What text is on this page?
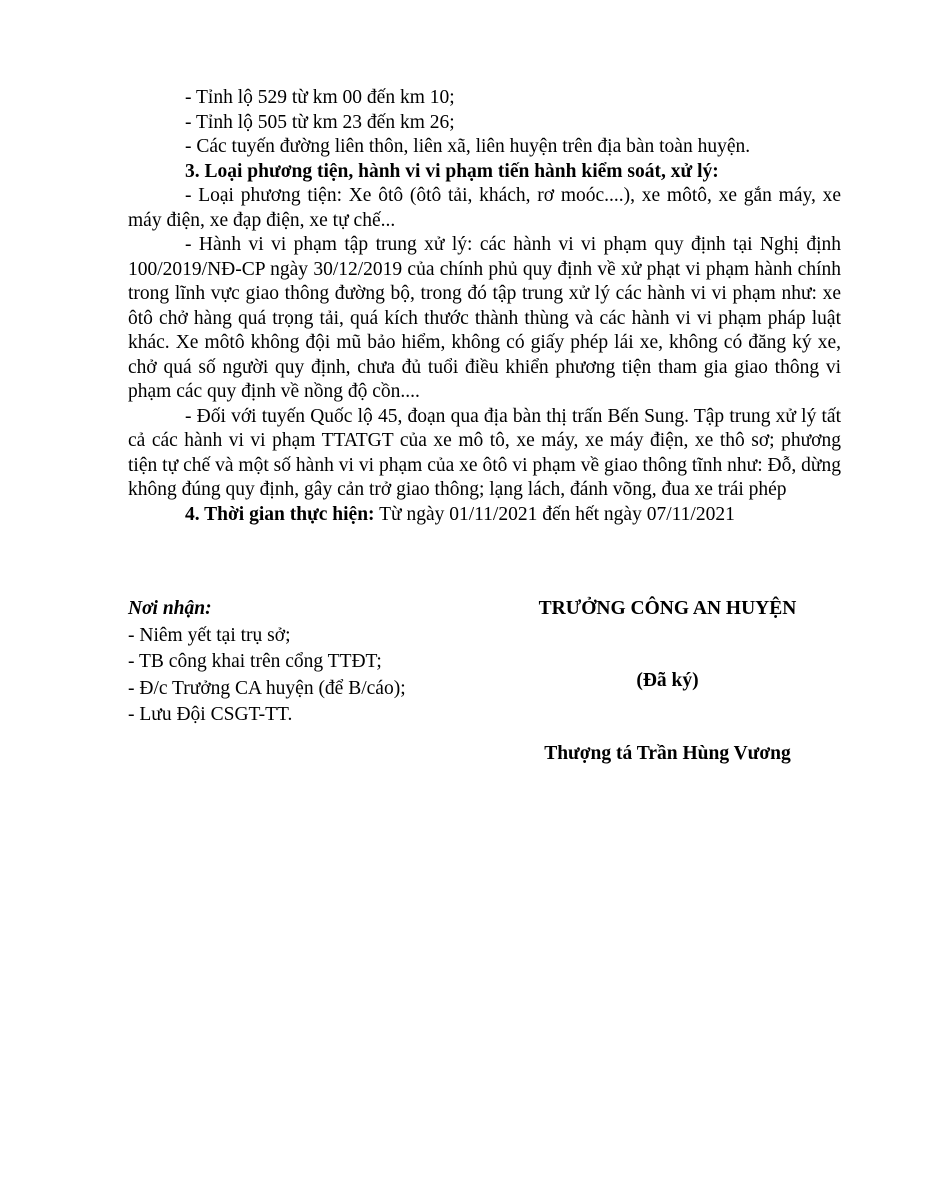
- Tỉnh lộ 529 từ km 00 đến km 10;

- Tỉnh lộ 505 từ km 23 đến km 26;

- Các tuyến đường liên thôn, liên xã, liên huyện trên địa bàn toàn huyện.

3. Loại phương tiện, hành vi vi phạm tiến hành kiểm soát, xử lý:

- Loại phương tiện: Xe ôtô (ôtô tải, khách, rơ moóc....), xe môtô, xe gắn máy, xe máy điện, xe đạp điện, xe tự chế...

- Hành vi vi phạm tập trung xử lý: các hành vi vi phạm quy định tại Nghị định 100/2019/NĐ-CP ngày 30/12/2019 của chính phủ quy định về xử phạt vi phạm hành chính trong lĩnh vực giao thông đường bộ, trong đó tập trung xử lý các hành vi vi phạm như: xe ôtô chở hàng quá trọng tải, quá kích thước thành thùng và các hành vi vi phạm pháp luật khác. Xe môtô không đội mũ bảo hiểm, không có giấy phép lái xe, không có đăng ký xe, chở quá số người quy định, chưa đủ tuổi điều khiển phương tiện tham gia giao thông vi phạm các quy định về nồng độ cồn....

- Đối với tuyến Quốc lộ 45, đoạn qua địa bàn thị trấn Bến Sung. Tập trung xử lý tất cả các hành vi vi phạm TTATGT của xe mô tô, xe máy, xe máy điện, xe thô sơ; phương tiện tự chế và một số hành vi vi phạm của xe ôtô vi phạm về giao thông tĩnh như: Đỗ, dừng không đúng quy định, gây cản trở giao thông; lạng lách, đánh võng, đua xe trái phép

4. Thời gian thực hiện: Từ ngày 01/11/2021 đến hết ngày 07/11/2021

Nơi nhận:

- Niêm yết tại trụ sở;

- TB công khai trên cổng TTĐT;

- Đ/c Trưởng CA huyện (để B/cáo);

- Lưu Đội CSGT-TT.

TRƯỞNG CÔNG AN HUYỆN
(Đã ký)
Thượng tá Trần Hùng Vương
